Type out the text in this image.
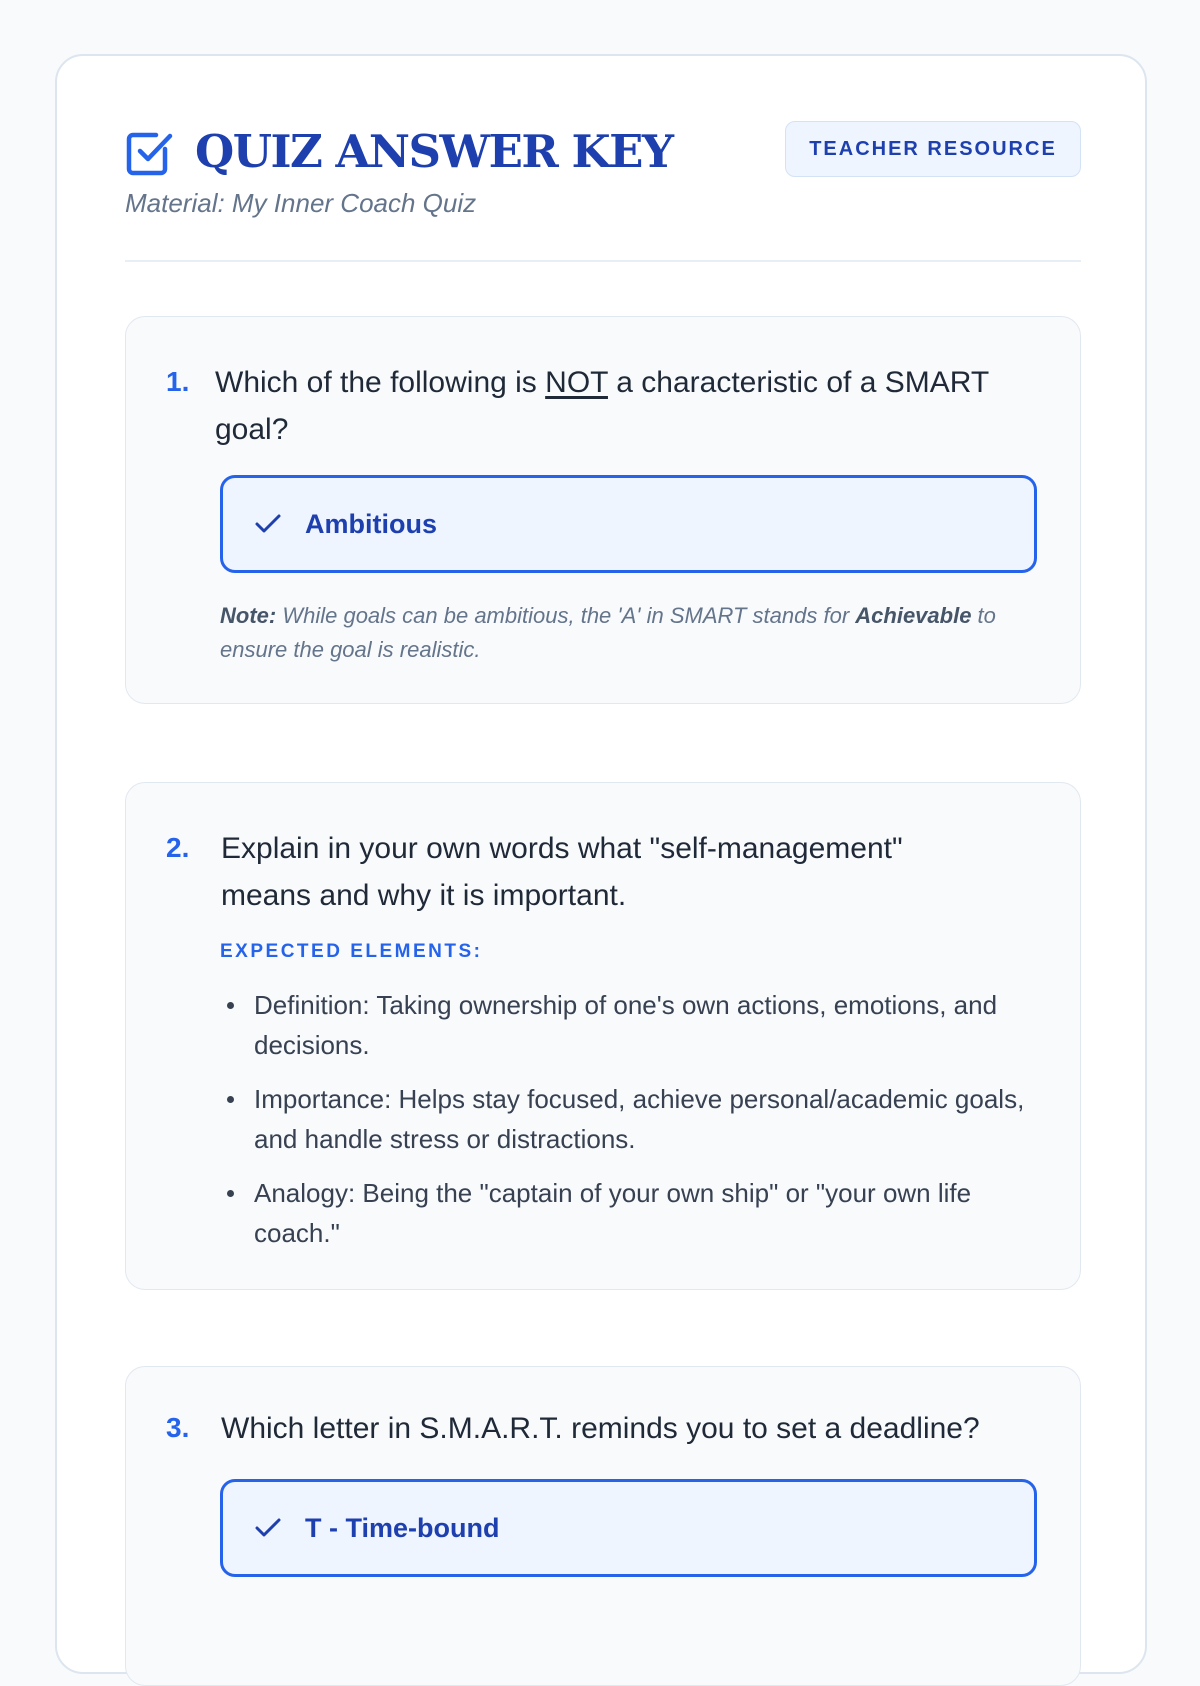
QUIZ ANSWER KEY
Material: My Inner Coach Quiz
TEACHER RESOURCE
1. Which of the following is NOT a characteristic of a SMART goal?
Ambitious

Note: While goals can be ambitious, the 'A' in SMART stands for Achievable to ensure the goal is realistic.

2.	Explain in your own words what "self-management" means and why it is important.
EXPECTED ELEMENTS:
Definition: Taking ownership of one's own actions, emotions, and decisions.
Importance: Helps stay focused, achieve personal/academic goals, and handle stress or distractions.
Analogy: Being the "captain of your own ship" or "your own life coach."
3.	Which letter in S.M.A.R.T. reminds you to set a deadline?
T - Time-bound
